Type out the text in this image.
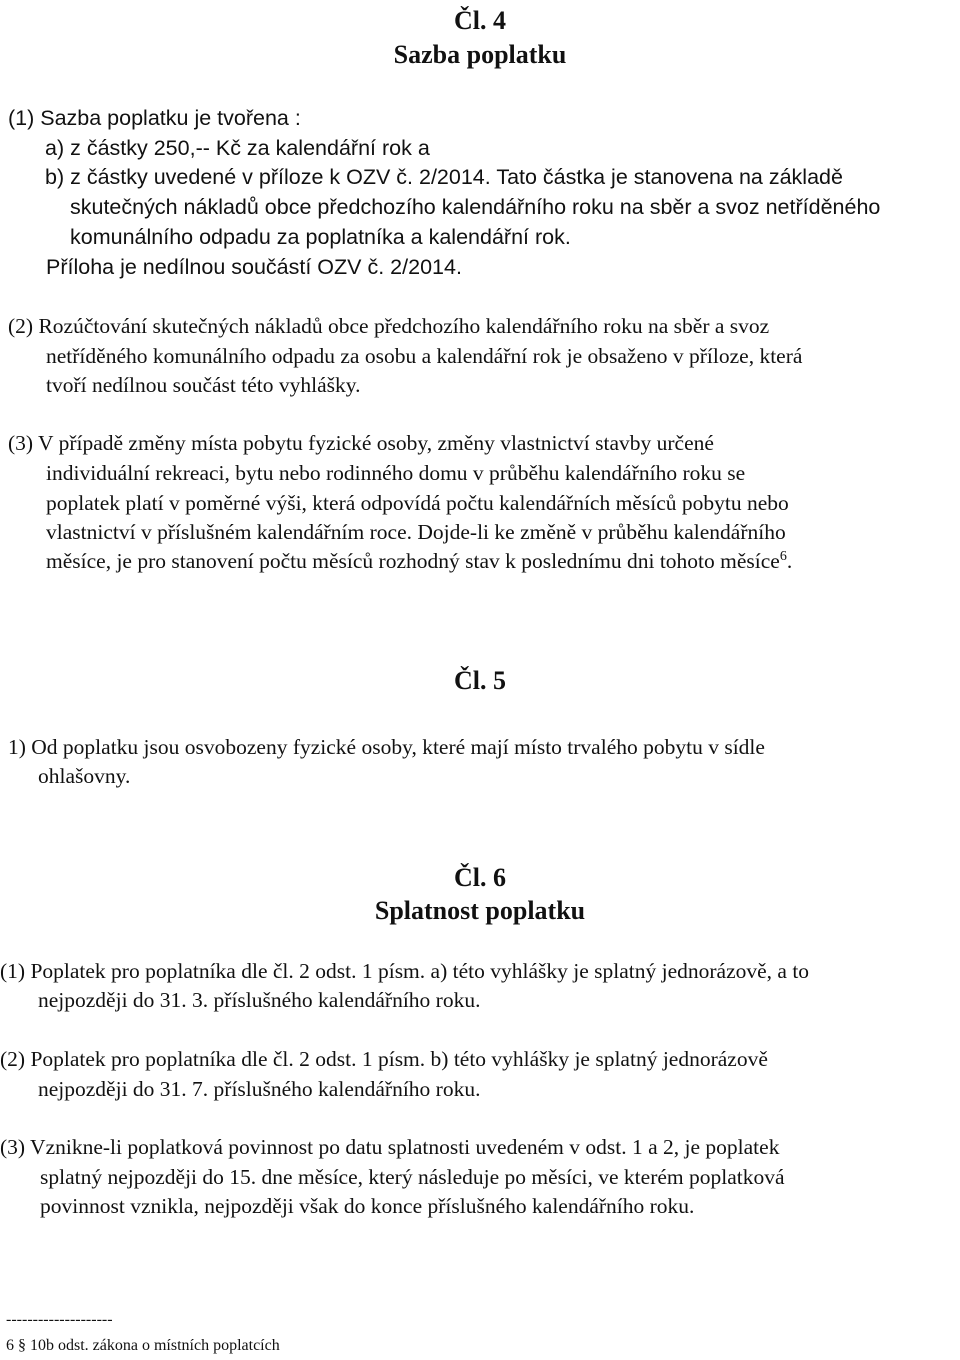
Čl. 4
Sazba poplatku
(1) Sazba poplatku je tvořena :
a) z částky 250,-- Kč za kalendářní rok a
b) z částky uvedené v příloze k OZV č. 2/2014. Tato částka je stanovena na základě
skutečných nákladů obce předchozího kalendářního roku na sběr a svoz netříděného
komunálního odpadu za poplatníka a kalendářní rok.
Příloha je nedílnou součástí OZV č. 2/2014.
(2) Rozúčtování skutečných nákladů obce předchozího kalendářního roku na sběr a svoz
netříděného komunálního odpadu za osobu a kalendářní rok je obsaženo v příloze, která
tvoří nedílnou součást této vyhlášky.
(3) V případě změny místa pobytu fyzické osoby, změny vlastnictví stavby určené
individuální rekreaci, bytu nebo rodinného domu v průběhu kalendářního roku se
poplatek platí v poměrné výši, která odpovídá počtu kalendářních měsíců pobytu nebo
vlastnictví v příslušném kalendářním roce. Dojde-li ke změně v průběhu kalendářního
měsíce, je pro stanovení počtu měsíců rozhodný stav k poslednímu dni tohoto měsíce$^6$.
Čl. 5
1) Od poplatku jsou osvobozeny fyzické osoby, které mají místo trvalého pobytu v sídle
ohlašovny.
Čl. 6
Splatnost poplatku
(1) Poplatek pro poplatníka dle čl. 2 odst. 1 písm. a) této vyhlášky je splatný jednorázově, a to
nejpozději do 31. 3. příslušného kalendářního roku.
(2) Poplatek pro poplatníka dle čl. 2 odst. 1 písm. b) této vyhlášky je splatný jednorázově
nejpozději do 31. 7. příslušného kalendářního roku.
(3) Vznikne-li poplatková povinnost po datu splatnosti uvedeném v odst. 1 a 2, je poplatek
splatný nejpozději do 15. dne měsíce, který následuje po měsíci, ve kterém poplatková
povinnost vznikla, nejpozději však do konce příslušného kalendářního roku.
--------------------
6 § 10b odst. zákona o místních poplatcích
